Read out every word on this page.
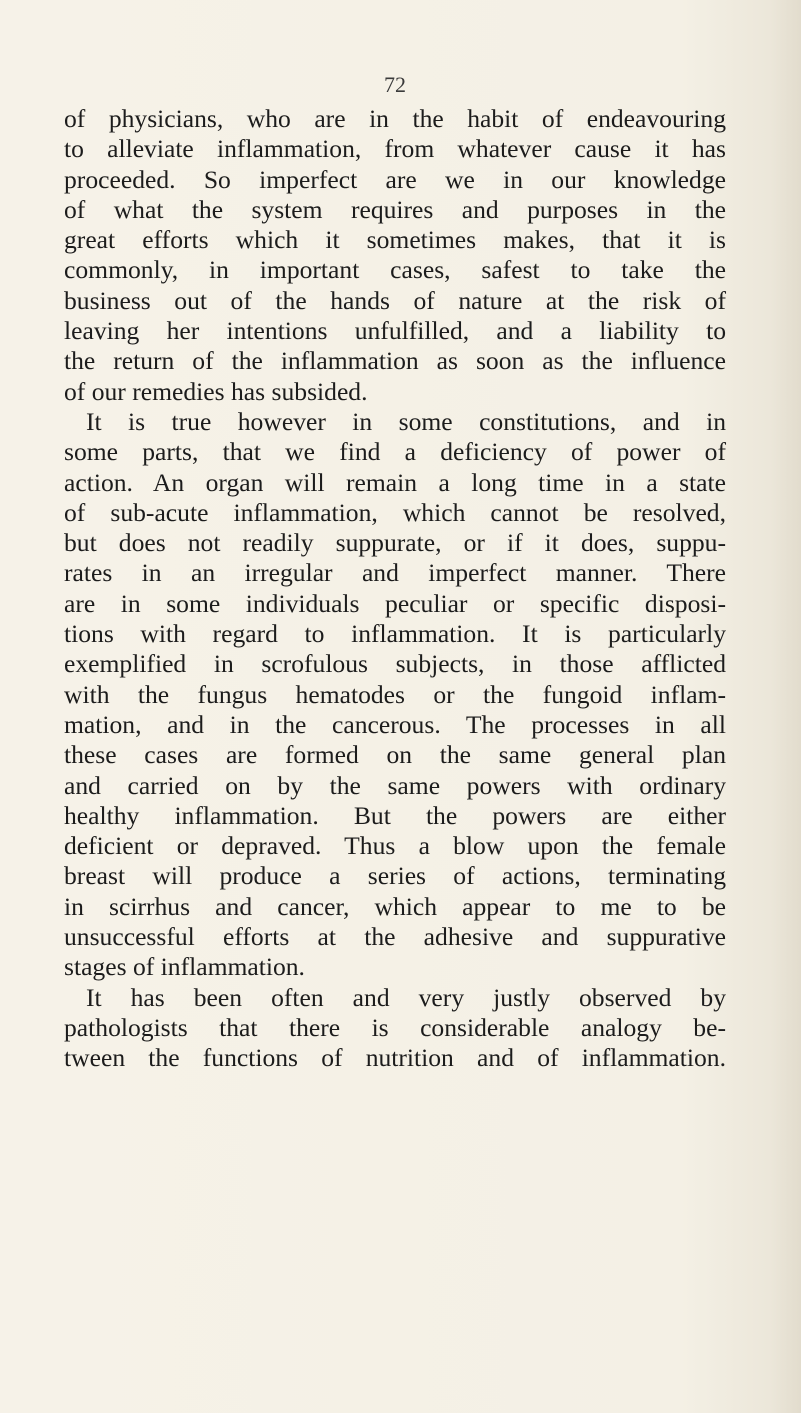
72
of physicians, who are in the habit of endeavouring
to alleviate inflammation, from whatever cause it has
proceeded. So imperfect are we in our knowledge
of what the system requires and purposes in the
great efforts which it sometimes makes, that it is
commonly, in important cases, safest to take the
business out of the hands of nature at the risk of
leaving her intentions unfulfilled, and a liability to
the return of the inflammation as soon as the influence
of our remedies has subsided.
It is true however in some constitutions, and in
some parts, that we find a deficiency of power of
action. An organ will remain a long time in a state
of sub-acute inflammation, which cannot be resolved,
but does not readily suppurate, or if it does, suppu-
rates in an irregular and imperfect manner. There
are in some individuals peculiar or specific disposi-
tions with regard to inflammation. It is particularly
exemplified in scrofulous subjects, in those afflicted
with the fungus hematodes or the fungoid inflam-
mation, and in the cancerous. The processes in all
these cases are formed on the same general plan
and carried on by the same powers with ordinary
healthy inflammation. But the powers are either
deficient or depraved. Thus a blow upon the female
breast will produce a series of actions, terminating
in scirrhus and cancer, which appear to me to be
unsuccessful efforts at the adhesive and suppurative
stages of inflammation.
It has been often and very justly observed by
pathologists that there is considerable analogy be-
tween the functions of nutrition and of inflammation.
